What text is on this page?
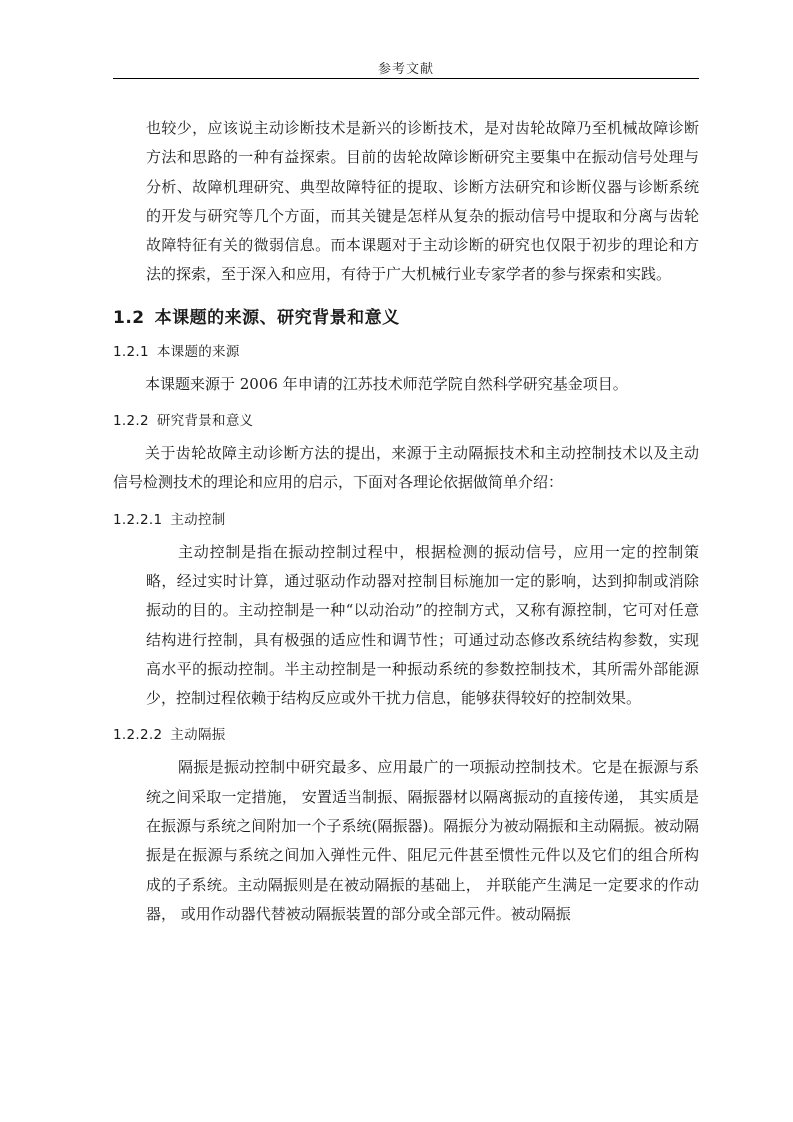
参考文献

也较少，应该说主动诊断技术是新兴的诊断技术，是对齿轮故障乃至机械故障诊断方法和思路的一种有益探索。目前的齿轮故障诊断研究主要集中在振动信号处理与分析、故障机理研究、典型故障特征的提取、诊断方法研究和诊断仪器与诊断系统的开发与研究等几个方面，而其关键是怎样从复杂的振动信号中提取和分离与齿轮故障特征有关的微弱信息。而本课题对于主动诊断的研究也仅限于初步的理论和方法的探索，至于深入和应用，有待于广大机械行业专家学者的参与探索和实践。

1.2 本课题的来源、研究背景和意义
1.2.1 本课题的来源

本课题来源于 2006 年申请的江苏技术师范学院自然科学研究基金项目。

1.2.2 研究背景和意义

关于齿轮故障主动诊断方法的提出，来源于主动隔振技术和主动控制技术以及主动信号检测技术的理论和应用的启示，下面对各理论依据做简单介绍：

1.2.2.1 主动控制

主动控制是指在振动控制过程中，根据检测的振动信号，应用一定的控制策略，经过实时计算，通过驱动作动器对控制目标施加一定的影响，达到抑制或消除振动的目的。主动控制是一种“以动治动”的控制方式，又称有源控制，它可对任意结构进行控制，具有极强的适应性和调节性；可通过动态修改系统结构参数，实现高水平的振动控制。半主动控制是一种振动系统的参数控制技术，其所需外部能源少，控制过程依赖于结构反应或外干扰力信息，能够获得较好的控制效果。

1.2.2.2 主动隔振

隔振是振动控制中研究最多、应用最广的一项振动控制技术。它是在振源与系统之间采取一定措施， 安置适当制振、隔振器材以隔离振动的直接传递， 其实质是在振源与系统之间附加一个子系统(隔振器)。隔振分为被动隔振和主动隔振。被动隔振是在振源与系统之间加入弹性元件、阻尼元件甚至惯性元件以及它们的组合所构成的子系统。主动隔振则是在被动隔振的基础上， 并联能产生满足一定要求的作动器， 或用作动器代替被动隔振装置的部分或全部元件。被动隔振
